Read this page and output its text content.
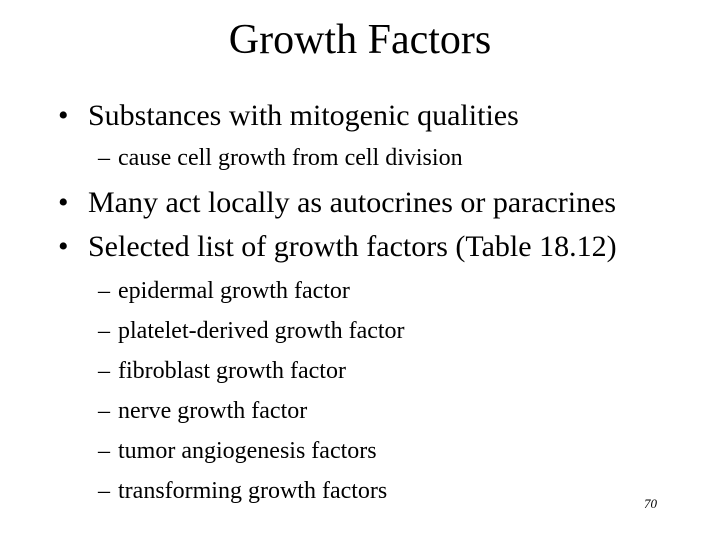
Growth Factors
• Substances with mitogenic qualities
– cause cell growth from cell division
• Many act locally as autocrines or paracrines
• Selected list of growth factors (Table 18.12)
– epidermal growth factor
– platelet-derived growth factor
– fibroblast growth factor
– nerve growth factor
– tumor angiogenesis factors
– transforming growth factors	70
